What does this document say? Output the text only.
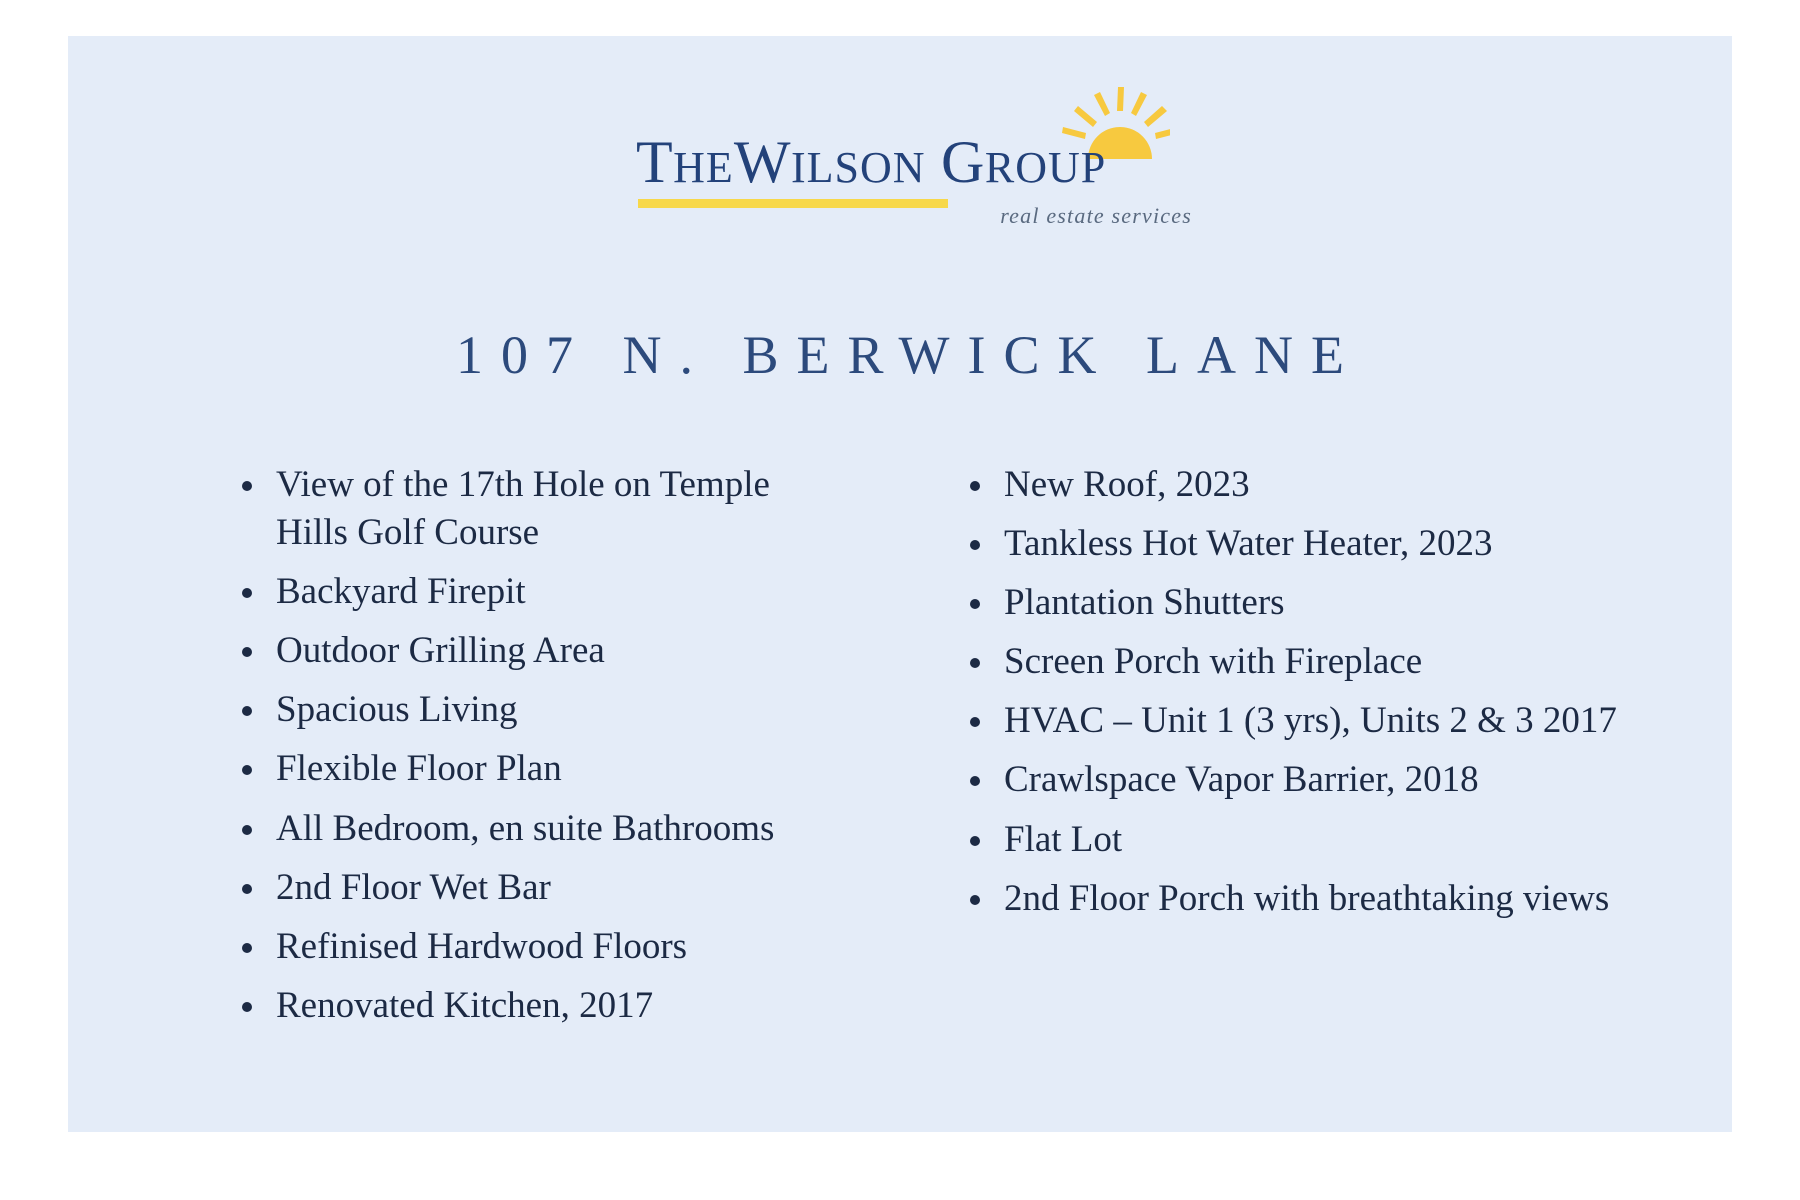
THEWILSON GROUP
real estate services
107 N. BERWICK LANE
View of the 17th Hole on Temple Hills Golf Course
Backyard Firepit
Outdoor Grilling Area
Spacious Living
Flexible Floor Plan
All Bedroom, en suite Bathrooms
2nd Floor Wet Bar
Refinised Hardwood Floors
Renovated Kitchen, 2017
New Roof, 2023
Tankless Hot Water Heater, 2023
Plantation Shutters
Screen Porch with Fireplace
HVAC – Unit 1 (3 yrs), Units 2 & 3 2017
Crawlspace Vapor Barrier, 2018
Flat Lot
2nd Floor Porch with breathtaking views
